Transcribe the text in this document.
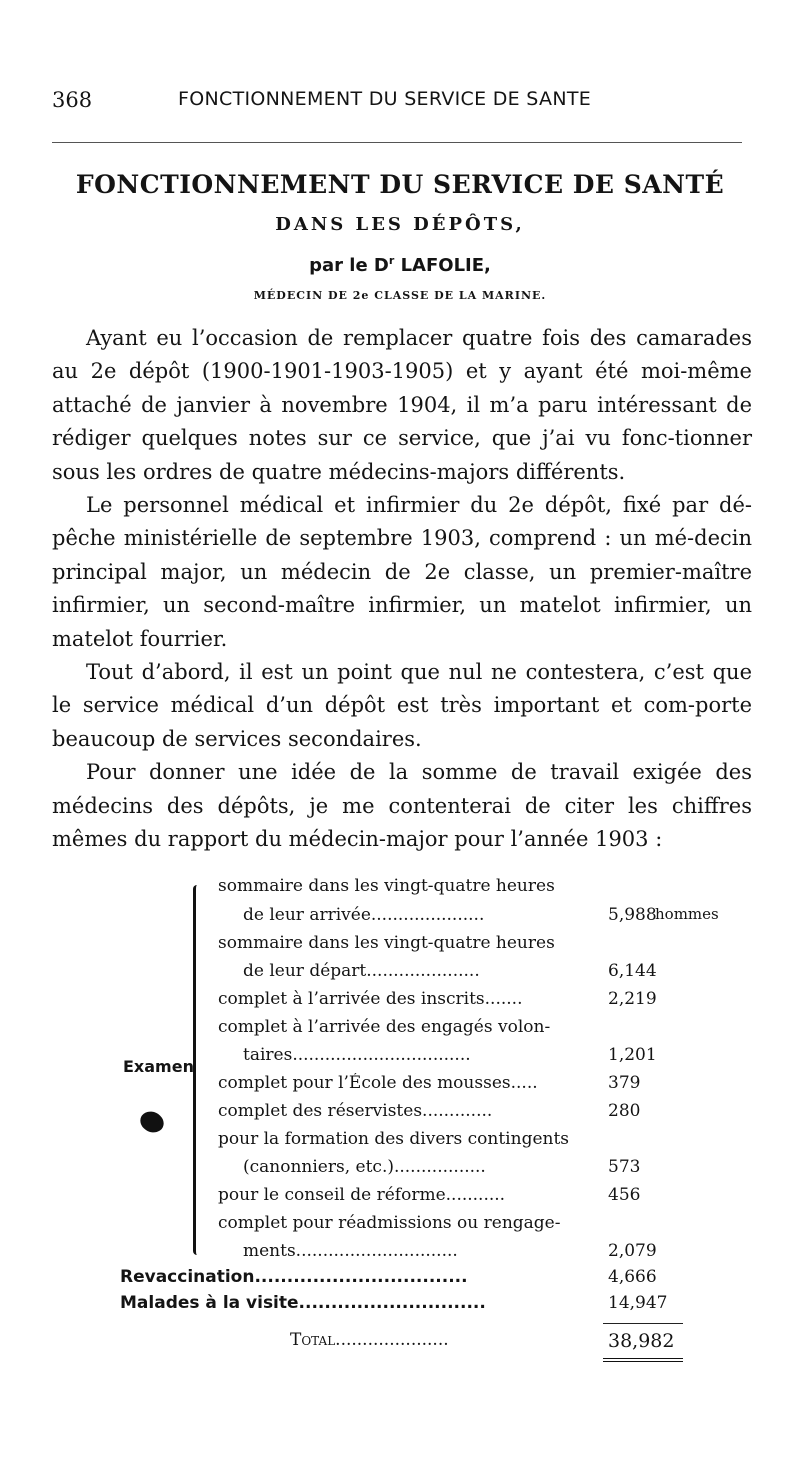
368	FONCTIONNEMENT DU SERVICE DE SANTE
FONCTIONNEMENT DU SERVICE DE SANTÉ
DANS LES DÉPÔTS,
par le $D^r$ LAFOLIE,
MÉDECIN DE 2e CLASSE DE LA MARINE.

Ayant eu l’occasion de remplacer quatre fois des camarades au 2e dépôt (1900-1901-1903-1905) et y ayant été moi-même attaché de janvier à novembre 1904, il m’a paru intéressant de rédiger quelques notes sur ce service, que j’ai vu fonc-tionner sous les ordres de quatre médecins-majors différents.

Le personnel médical et infirmier du 2e dépôt, fixé par dé-pêche ministérielle de septembre 1903, comprend : un mé-decin principal major, un médecin de 2e classe, un premier-maître infirmier, un second-maître infirmier, un matelot infirmier, un matelot fourrier.

Tout d’abord, il est un point que nul ne contestera, c’est que le service médical d’un dépôt est très important et com-porte beaucoup de services secondaires.

Pour donner une idée de la somme de travail exigée des médecins des dépôts, je me contenterai de citer les chiffres mêmes du rapport du médecin-major pour l’année 1903 :

Examen
sommaire dans les vingt-quatre heures
de leur arrivée.....................	5,988
hommes
sommaire dans les vingt-quatre heures
de leur départ.....................	6,144
complet à l’arrivée des inscrits.......	2,219
complet à l’arrivée des engagés volon-
taires.................................	1,201
complet pour l’École des mousses.....	379
complet des réservistes.............	280
pour la formation des divers contingents
(canonniers, etc.).................	573
pour le conseil de réforme...........	456
complet pour réadmissions ou rengage-
ments..............................	2,079
Revaccination.................................	4,666
Malades à la visite.............................	14,947
Total.....................	38,982
